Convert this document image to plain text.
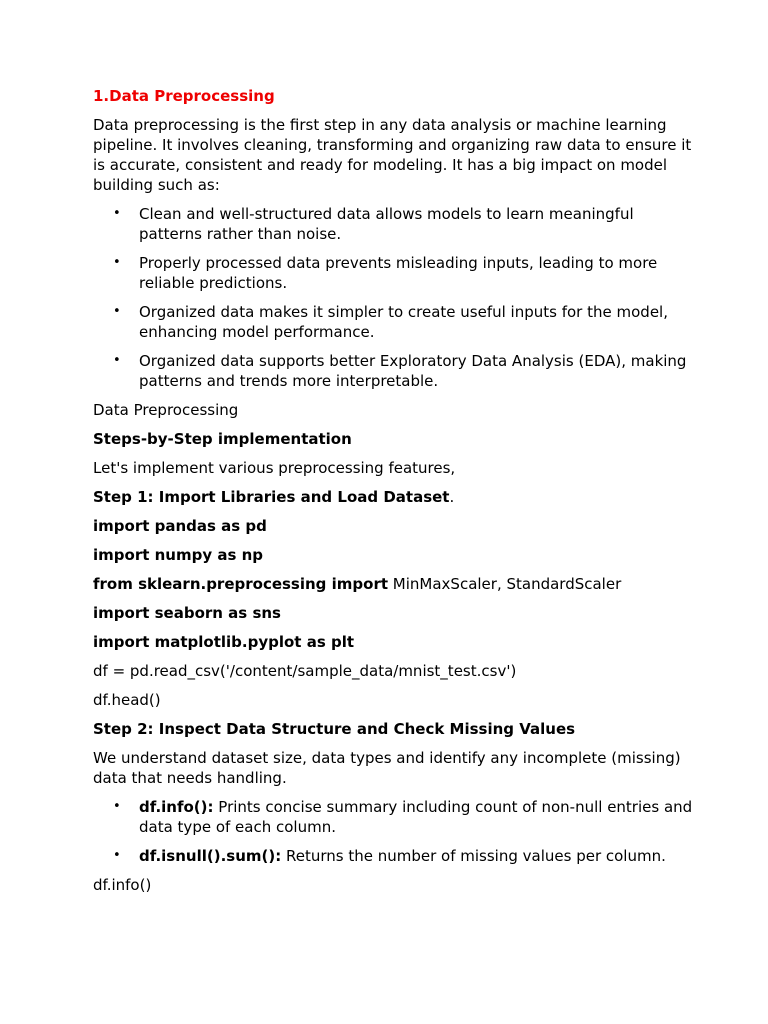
1.Data Preprocessing

Data preprocessing is the first step in any data analysis or machine learning pipeline. It involves cleaning, transforming and organizing raw data to ensure it is accurate, consistent and ready for modeling. It has a big impact on model building such as:

• Clean and well-structured data allows models to learn meaningful patterns rather than noise.
• Properly processed data prevents misleading inputs, leading to more reliable predictions.
• Organized data makes it simpler to create useful inputs for the model, enhancing model performance.
• Organized data supports better Exploratory Data Analysis (EDA), making patterns and trends more interpretable.

Data Preprocessing

Steps-by-Step implementation

Let's implement various preprocessing features,

Step 1: Import Libraries and Load Dataset.

import pandas as pd

import numpy as np

from sklearn.preprocessing import MinMaxScaler, StandardScaler

import seaborn as sns

import matplotlib.pyplot as plt

df = pd.read_csv('/content/sample_data/mnist_test.csv')

df.head()

Step 2: Inspect Data Structure and Check Missing Values

We understand dataset size, data types and identify any incomplete (missing) data that needs handling.

• df.info(): Prints concise summary including count of non-null entries and data type of each column.
• df.isnull().sum(): Returns the number of missing values per column.

df.info()
